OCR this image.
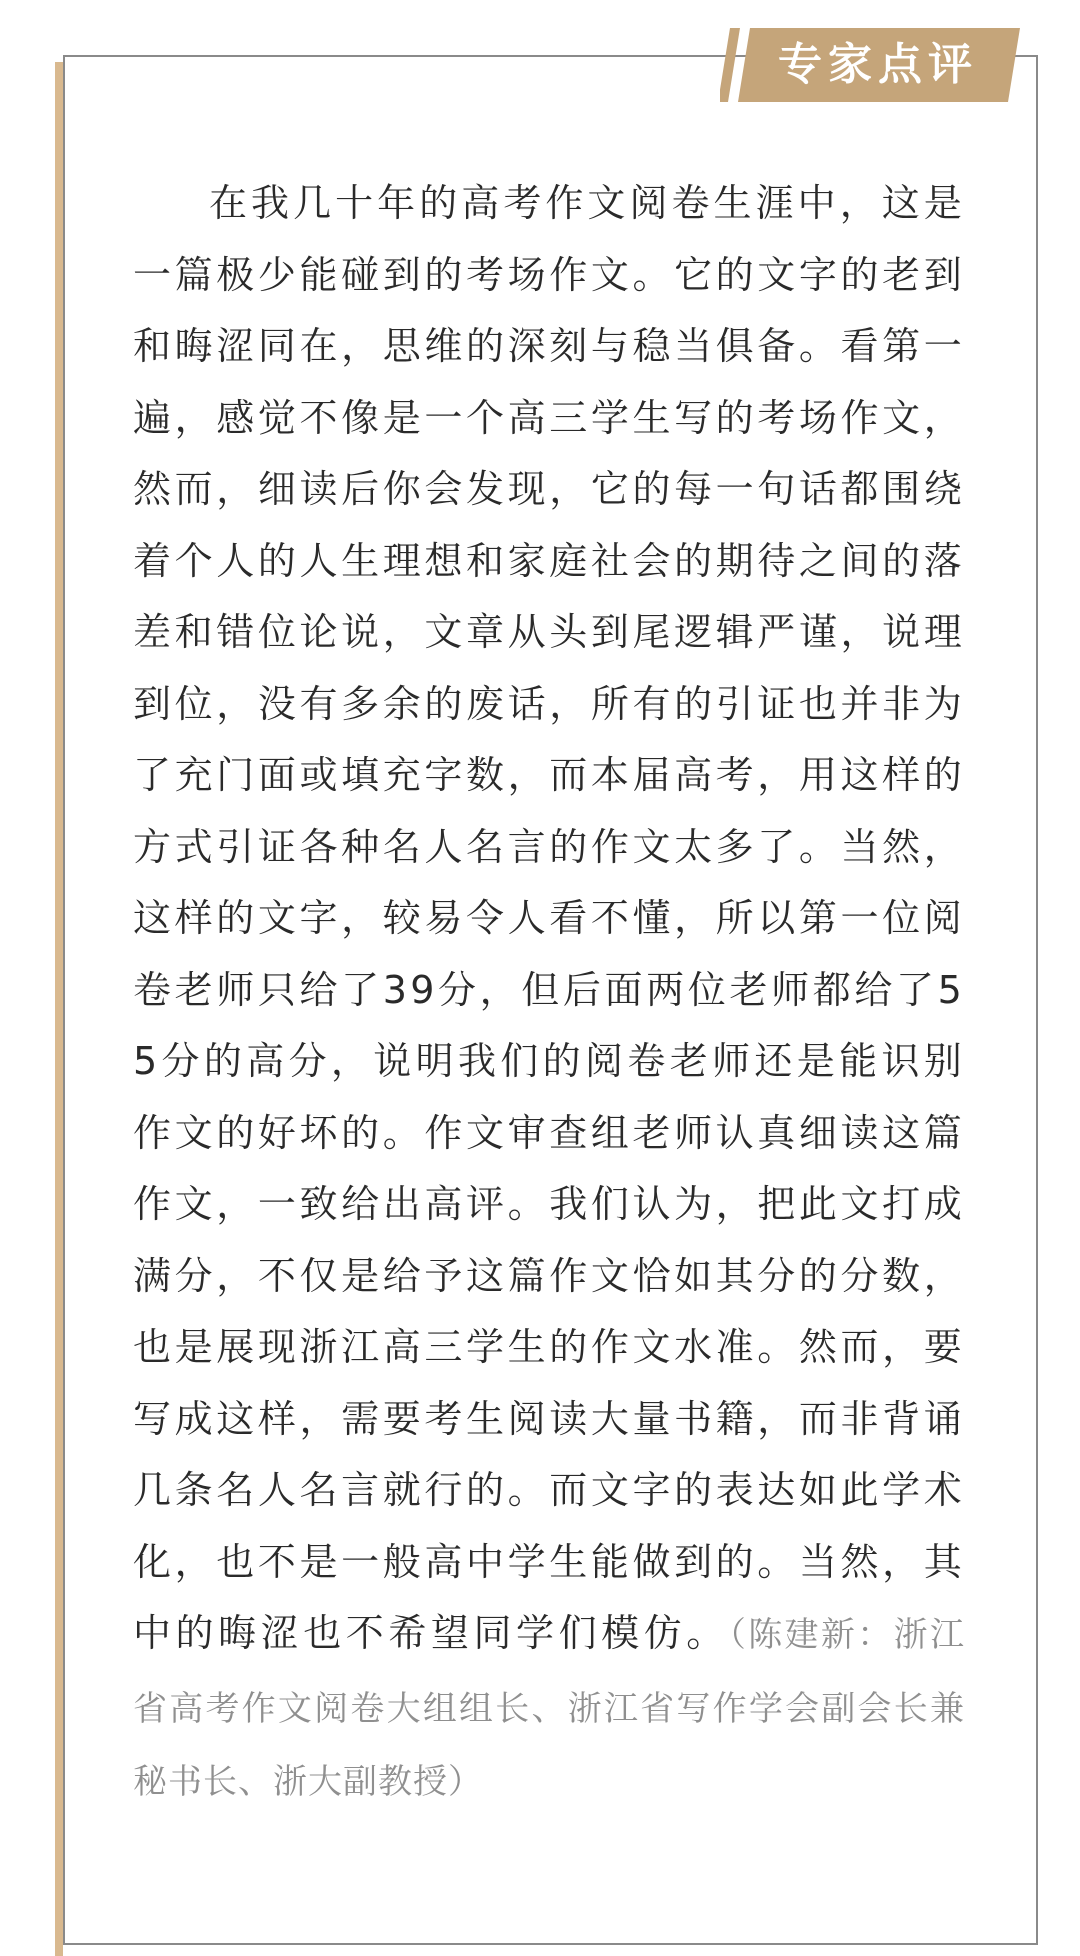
专家点评

在我几十年的高考作文阅卷生涯中，这是一篇极少能碰到的考场作文。它的文字的老到和晦涩同在，思维的深刻与稳当俱备。看第一遍，感觉不像是一个高三学生写的考场作文，然而，细读后你会发现，它的每一句话都围绕着个人的人生理想和家庭社会的期待之间的落差和错位论说，文章从头到尾逻辑严谨，说理到位，没有多余的废话，所有的引证也并非为了充门面或填充字数，而本届高考，用这样的方式引证各种名人名言的作文太多了。当然，这样的文字，较易令人看不懂，所以第一位阅卷老师只给了39分，但后面两位老师都给了55分的高分，说明我们的阅卷老师还是能识别作文的好坏的。作文审查组老师认真细读这篇作文，一致给出高评。我们认为，把此文打成满分，不仅是给予这篇作文恰如其分的分数，也是展现浙江高三学生的作文水准。然而，要写成这样，需要考生阅读大量书籍，而非背诵几条名人名言就行的。而文字的表达如此学术化，也不是一般高中学生能做到的。当然，其中的晦涩也不希望同学们模仿。（陈建新：浙江省高考作文阅卷大组组长、浙江省写作学会副会长兼秘书长、浙大副教授）
